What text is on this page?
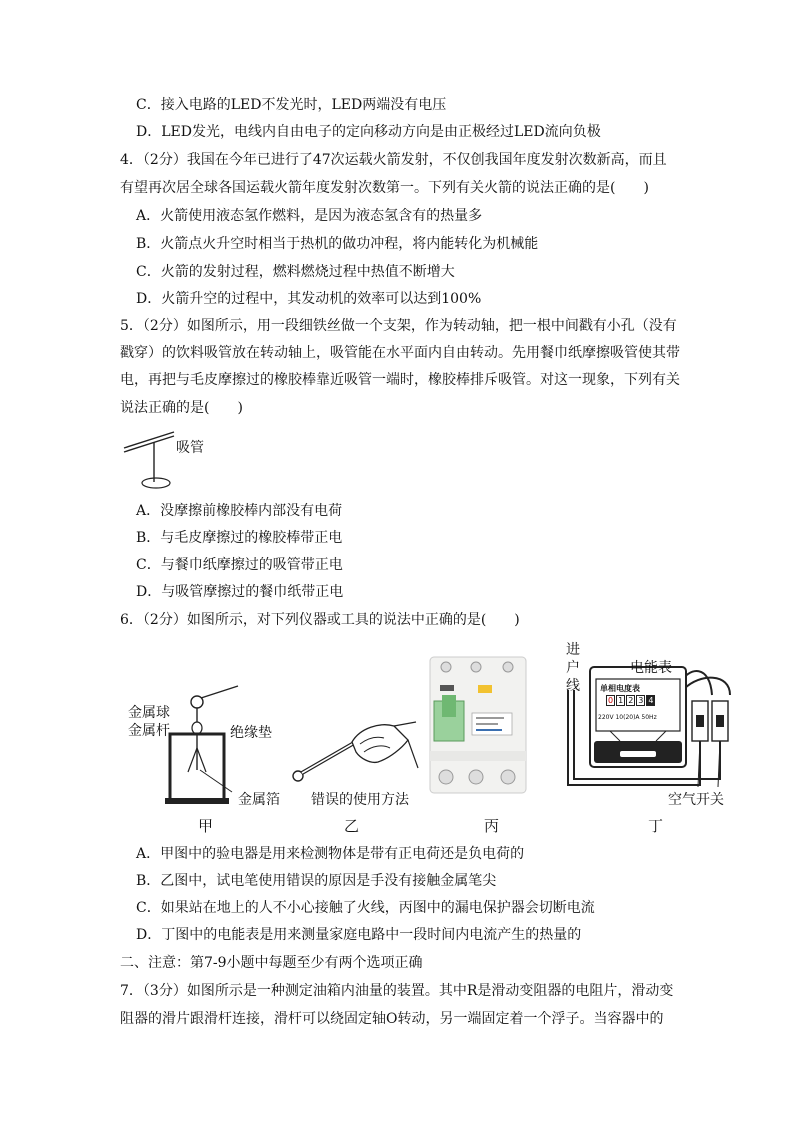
C．接入电路的LED不发光时，LED两端没有电压
D．LED发光，电线内自由电子的定向移动方向是由正极经过LED流向负极
4．（2分）我国在今年已进行了47次运载火箭发射，不仅创我国年度发射次数新高，而且
有望再次居全球各国运载火箭年度发射次数第一。下列有关火箭的说法正确的是(　　)
A．火箭使用液态氢作燃料，是因为液态氢含有的热量多
B．火箭点火升空时相当于热机的做功冲程，将内能转化为机械能
C．火箭的发射过程，燃料燃烧过程中热值不断增大
D．火箭升空的过程中，其发动机的效率可以达到100%
5．（2分）如图所示，用一段细铁丝做一个支架，作为转动轴，把一根中间戳有小孔（没有
戳穿）的饮料吸管放在转动轴上，吸管能在水平面内自由转动。先用餐巾纸摩擦吸管使其带
电，再把与毛皮摩擦过的橡胶棒靠近吸管一端时，橡胶棒排斥吸管。对这一现象，下列有关
说法正确的是(　　)
吸管
A．没摩擦前橡胶棒内部没有电荷
B．与毛皮摩擦过的橡胶棒带正电
C．与餐巾纸摩擦过的吸管带正电
D．与吸管摩擦过的餐巾纸带正电
6．（2分）如图所示，对下列仪器或工具的说法中正确的是(　　)
金属球
金属杆	绝缘垫
金属箔
甲
错误的使用方法
乙	丙
进户线
电能表
单相电度表
0 1 2 3 4
220V 10(20)A 50Hz
空气开关
丁
A．甲图中的验电器是用来检测物体是带有正电荷还是负电荷的
B．乙图中，试电笔使用错误的原因是手没有接触金属笔尖
C．如果站在地上的人不小心接触了火线，丙图中的漏电保护器会切断电流
D．丁图中的电能表是用来测量家庭电路中一段时间内电流产生的热量的
二、注意：第7-9小题中每题至少有两个选项正确
7．（3分）如图所示是一种测定油箱内油量的装置。其中R是滑动变阻器的电阻片，滑动变
阻器的滑片跟滑杆连接，滑杆可以绕固定轴O转动，另一端固定着一个浮子。当容器中的
